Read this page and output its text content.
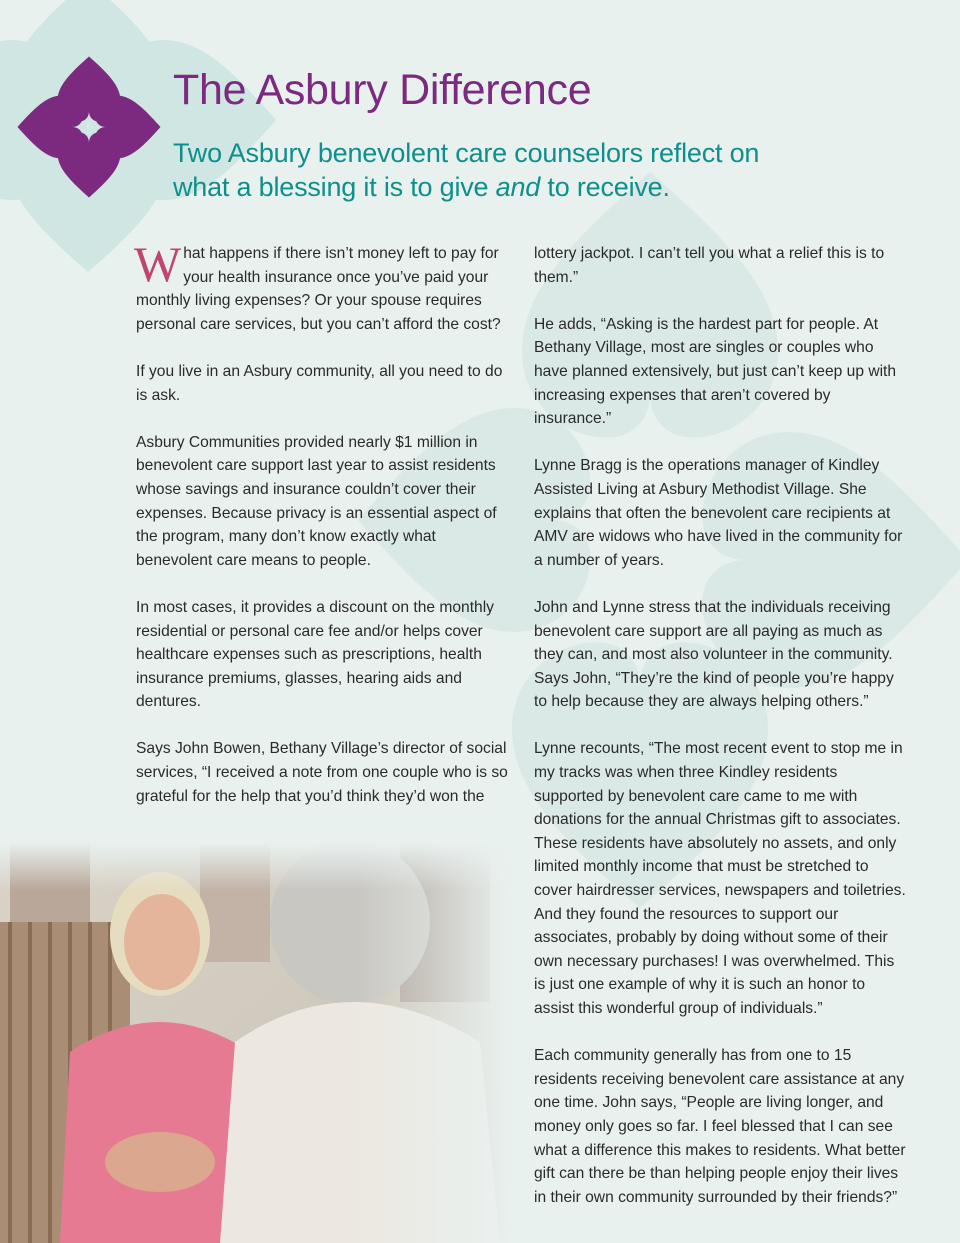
The Asbury Difference
Two Asbury benevolent care counselors reflect on what a blessing it is to give and to receive.

What happens if there isn’t money left to pay for your health insurance once you’ve paid your monthly living expenses? Or your spouse requires personal care services, but you can’t afford the cost?

If you live in an Asbury community, all you need to do is ask.

Asbury Communities provided nearly $1 million in benevolent care support last year to assist residents whose savings and insurance couldn’t cover their expenses. Because privacy is an essential aspect of the program, many don’t know exactly what benevolent care means to people.

In most cases, it provides a discount on the monthly residential or personal care fee and/or helps cover healthcare expenses such as prescriptions, health insurance premiums, glasses, hearing aids and dentures.

Says John Bowen, Bethany Village’s director of social services, “I received a note from one couple who is so grateful for the help that you’d think they’d won the

lottery jackpot. I can’t tell you what a relief this is to them.”

He adds, “Asking is the hardest part for people. At Bethany Village, most are singles or couples who have planned extensively, but just can’t keep up with increasing expenses that aren’t covered by insurance.”

Lynne Bragg is the operations manager of Kindley Assisted Living at Asbury Methodist Village. She explains that often the benevolent care recipients at AMV are widows who have lived in the community for a number of years.

John and Lynne stress that the individuals receiving benevolent care support are all paying as much as they can, and most also volunteer in the community. Says John, “They’re the kind of people you’re happy to help because they are always helping others.”

Lynne recounts, “The most recent event to stop me in my tracks was when three Kindley residents supported by benevolent care came to me with donations for the annual Christmas gift to associates. These residents have absolutely no assets, and only limited monthly income that must be stretched to cover hairdresser services, newspapers and toiletries. And they found the resources to support our associates, probably by doing without some of their own necessary purchases! I was overwhelmed. This is just one example of why it is such an honor to assist this wonderful group of individuals.”

Each community generally has from one to 15 residents receiving benevolent care assistance at any one time. John says, “People are living longer, and money only goes so far. I feel blessed that I can see what a difference this makes to residents. What better gift can there be than helping people enjoy their lives in their own community surrounded by their friends?”
